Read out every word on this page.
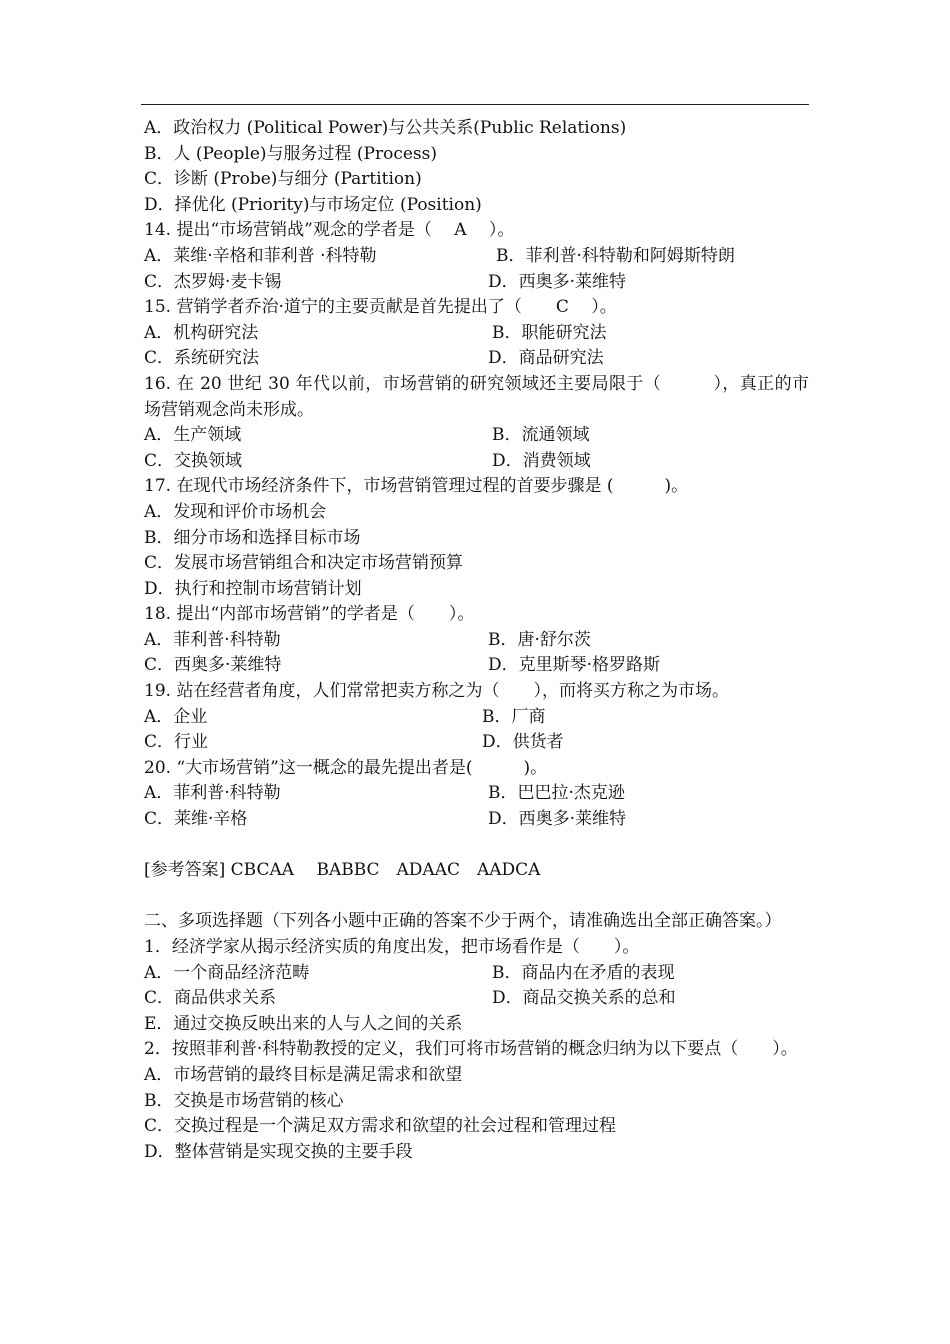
A．政治权力 (Political Power)与公共关系(Public Relations)
B．人 (People)与服务过程 (Process)
C．诊断 (Probe)与细分 (Partition)
D．择优化 (Priority)与市场定位 (Position)
14. 提出“市场营销战”观念的学者是（　 A　 ）。
A．莱维·辛格和菲利普 ·科特勒	B．菲利普·科特勒和阿姆斯特朗
C．杰罗姆·麦卡锡	D．西奥多·莱维特
15. 营销学者乔治·道宁的主要贡献是首先提出了（　　C　 ）。
A．机构研究法	B．职能研究法
C．系统研究法	D．商品研究法
16. 在 20 世纪 30 年代以前，市场营销的研究领域还主要局限于（　　　），真正的市场营销观念尚未形成。
A．生产领域	B．流通领域
C．交换领域	D．消费领域
17. 在现代市场经济条件下，市场营销管理过程的首要步骤是 (　　　)。
A．发现和评价市场机会
B．细分市场和选择目标市场
C．发展市场营销组合和决定市场营销预算
D．执行和控制市场营销计划
18. 提出“内部市场营销”的学者是（　　）。
A．菲利普·科特勒	B．唐·舒尔茨
C．西奥多·莱维特	D．克里斯琴·格罗路斯
19. 站在经营者角度，人们常常把卖方称之为（　　），而将买方称之为市场。
A．企业	B．厂商
C．行业	D．供货者
20. “大市场营销”这一概念的最先提出者是(　　　)。
A．菲利普·科特勒	B．巴巴拉·杰克逊
C．莱维·辛格	D．西奥多·莱维特
[参考答案] CBCAA　 BABBC　ADAAC　AADCA
二、多项选择题（下列各小题中正确的答案不少于两个，请准确选出全部正确答案。）
1．经济学家从揭示经济实质的角度出发，把市场看作是（　　）。
A．一个商品经济范畴	B．商品内在矛盾的表现
C．商品供求关系	D．商品交换关系的总和
E．通过交换反映出来的人与人之间的关系
2．按照菲利普·科特勒教授的定义，我们可将市场营销的概念归纳为以下要点（　　）。
A．市场营销的最终目标是满足需求和欲望
B．交换是市场营销的核心
C．交换过程是一个满足双方需求和欲望的社会过程和管理过程
D．整体营销是实现交换的主要手段
